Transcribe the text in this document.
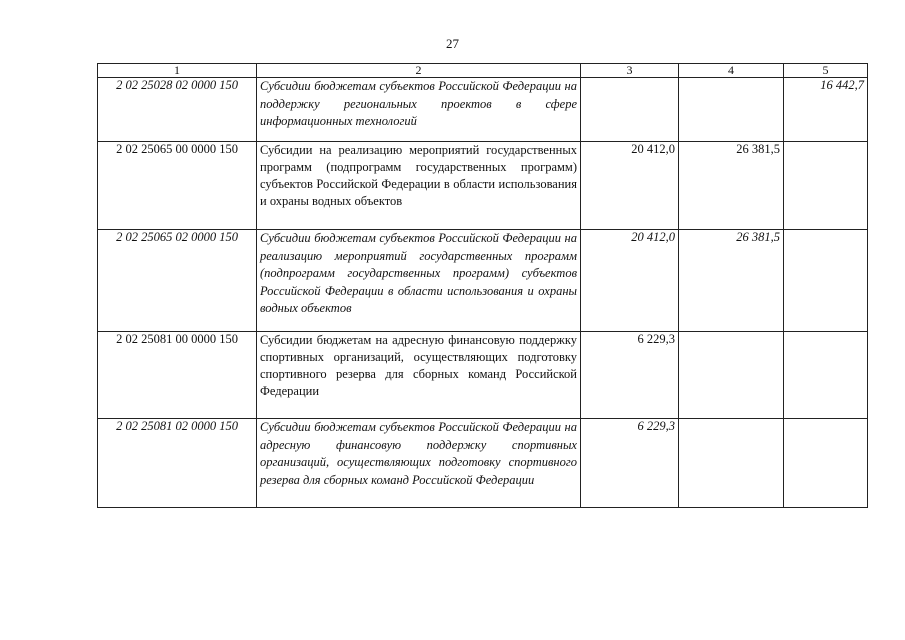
27
1	2	3	4	5
2 02 25028 02 0000 150	Субсидии бюджетам субъектов Российской Федерации на поддержку региональных проектов в сфере информационных технологий			16 442,7
2 02 25065 00 0000 150	Субсидии на реализацию мероприятий государственных программ (подпрограмм государственных программ) субъектов Российской Федерации в области использования и охраны водных объектов	20 412,0	26 381,5	
2 02 25065 02 0000 150	Субсидии бюджетам субъектов Российской Федерации на реализацию мероприятий государственных программ (подпрограмм государственных программ) субъектов Российской Федерации в области использования и охраны водных объектов	20 412,0	26 381,5	
2 02 25081 00 0000 150	Субсидии бюджетам на адресную финансовую поддержку спортивных организаций, осуществляющих подготовку спортивного резерва для сборных команд Российской Федерации	6 229,3		
2 02 25081 02 0000 150	Субсидии бюджетам субъектов Российской Федерации на адресную финансовую поддержку спортивных организаций, осуществляющих подготовку спортивного резерва для сборных команд Российской Федерации	6 229,3		
